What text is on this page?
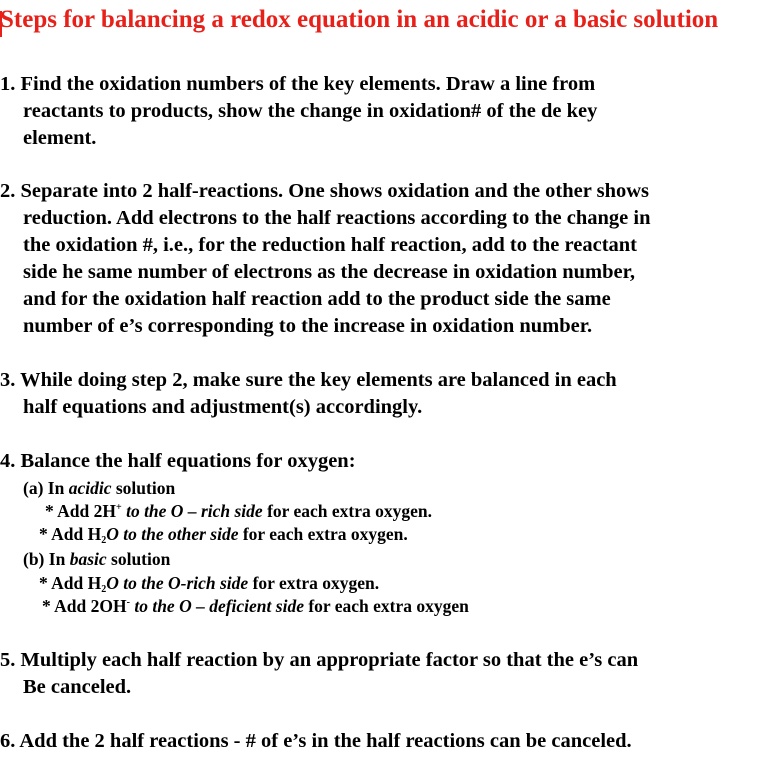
Steps for balancing a redox equation in an acidic or a basic solution
1. Find the oxidation numbers of the key elements. Draw a line from
reactants to products, show the change in oxidation# of the de key
element.
2. Separate into 2 half-reactions. One shows oxidation and the other shows
reduction. Add electrons to the half reactions according to the change in
the oxidation #, i.e., for the reduction half reaction, add to the reactant
side he same number of electrons as the decrease in oxidation number,
and for the oxidation half reaction add to the product side the same
number of e’s corresponding to the increase in oxidation number.
3. While doing step 2, make sure the key elements are balanced in each
half equations and adjustment(s) accordingly.
4. Balance the half equations for oxygen:
(a) In acidic solution
* Add 2H+ to the O – rich side for each extra oxygen.
* Add $H_2O$ to the other side for each extra oxygen.
(b) In basic solution
* Add $H_2O$ to the O-rich side for extra oxygen.
* Add 2OH- to the O – deficient side for each extra oxygen
5. Multiply each half reaction by an appropriate factor so that the e’s can
Be canceled.
6. Add the 2 half reactions - # of e’s in the half reactions can be canceled.
